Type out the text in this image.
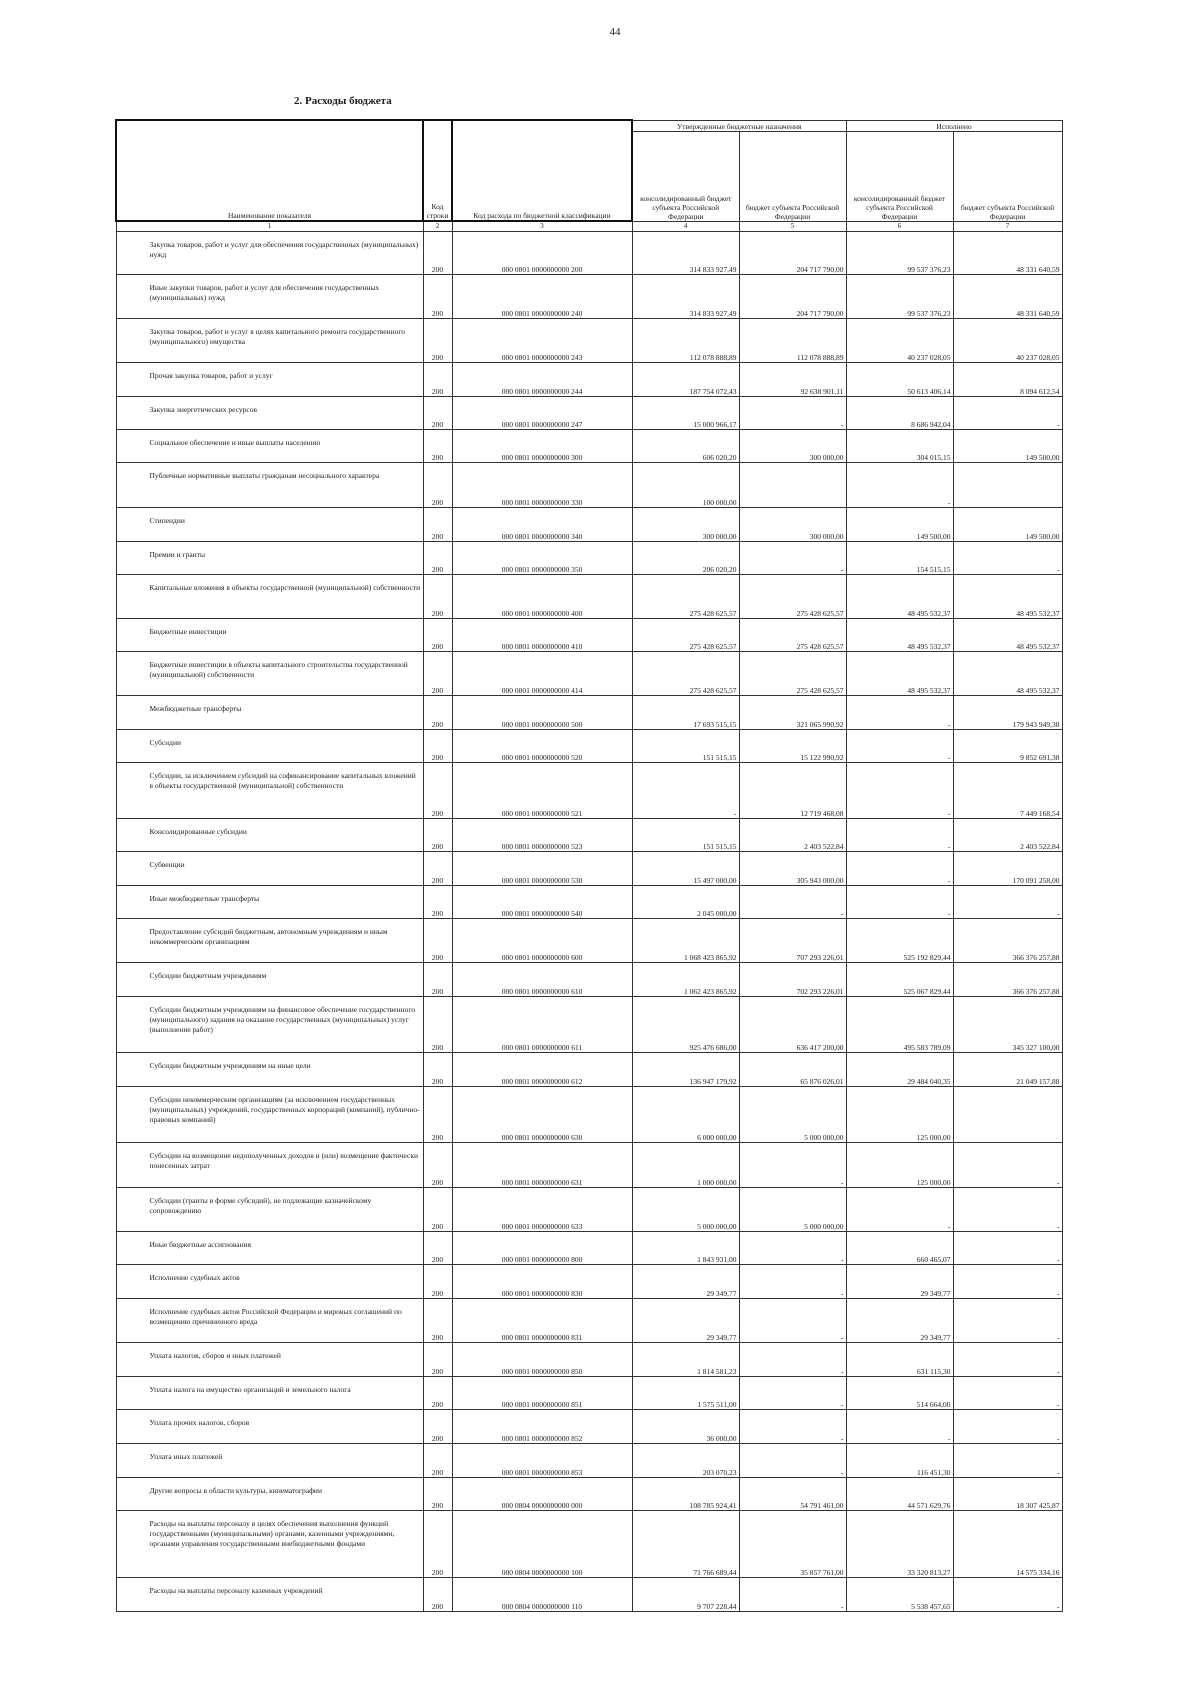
44
2. Расходы бюджета
Наименование показателя	Код строки	Код расхода по бюджетной классификации	Утвержденные бюджетные назначения		Исполнено	
			консолидированный бюджет субъекта Российской Федерации	бюджет субъекта Российской Федерации	консолидированный бюджет субъекта Российской Федерации	бюджет субъекта Российской Федерации
1	2	3	4	5	6	7

Закупка товаров, работ и услуг для обеспечения государственных (муниципальных) нужд	200	000 0801 0000000000 200	314 833 927,49	204 717 790,00	99 537 376,23	48 331 640,59

Иные закупки товаров, работ и услуг для обеспечения государственных (муниципальных) нужд	200	000 0801 0000000000 240	314 833 927,49	204 717 790,00	99 537 376,23	48 331 640,59

Закупка товаров, работ и услуг в целях капитального ремонта государственного (муниципального) имущества	200	000 0801 0000000000 243	112 078 888,89	112 078 888,89	40 237 028,05	40 237 028,05

Прочая закупка товаров, работ и услуг	200	000 0801 0000000000 244	187 754 072,43	92 638 901,11	50 613 406,14	8 094 612,54

Закупка энергетических ресурсов	200	000 0801 0000000000 247	15 000 966,17	-	8 686 942,04	-

Социальное обеспечение и иные выплаты населению	200	000 0801 0000000000 300	606 020,20	300 000,00	304 015,15	149 500,00

Публичные нормативные выплаты гражданам несоциального характера	200	000 0801 0000000000 330	100 000,00		-	

Стипендии	200	000 0801 0000000000 340	300 000,00	300 000,00	149 500,00	149 500,00

Премии и гранты	200	000 0801 0000000000 350	206 020,20	-	154 515,15	-

Капитальные вложения в объекты государственной (муниципальной) собственности	200	000 0801 0000000000 400	275 428 625,57	275 428 625,57	48 495 532,37	48 495 532,37

Бюджетные инвестиции	200	000 0801 0000000000 410	275 428 625,57	275 428 625,57	48 495 532,37	48 495 532,37

Бюджетные инвестиции в объекты капитального строительства государственной (муниципальной) собственности	200	000 0801 0000000000 414	275 428 625,57	275 428 625,57	48 495 532,37	48 495 532,37

Межбюджетные трансферты	200	000 0801 0000000000 500	17 693 515,15	321 065 990,92	-	179 943 949,38

Субсидии	200	000 0801 0000000000 520	151 515,15	15 122 990,92	-	9 852 691,38

Субсидии, за исключением субсидий на софинансирование капитальных вложений в объекты государственной (муниципальной) собственности	200	000 0801 0000000000 521	-	12 719 468,08	-	7 449 168,54

Консолидированные субсидии	200	000 0801 0000000000 523	151 515,15	2 403 522,84	-	2 403 522,84

Субвенции	200	000 0801 0000000000 530	15 497 000,00	305 943 000,00	-	170 091 258,00

Иные межбюджетные трансферты	200	000 0801 0000000000 540	2 045 000,00	-	-	-

Предоставление субсидий бюджетным, автономным учреждениям и иным некоммерческим организациям	200	000 0801 0000000000 600	1 068 423 865,92	707 293 226,01	525 192 829,44	366 376 257,88

Субсидии бюджетным учреждениям	200	000 0801 0000000000 610	1 062 423 865,92	702 293 226,01	525 067 829,44	366 376 257,88

Субсидии бюджетным учреждениям на финансовое обеспечение государственного (муниципального) задания на оказание государственных (муниципальных) услуг (выполнение работ)	200	000 0801 0000000000 611	925 476 686,00	636 417 200,00	495 583 789,09	345 327 100,00

Субсидии бюджетным учреждениям на иные цели	200	000 0801 0000000000 612	136 947 179,92	65 876 026,01	29 484 040,35	21 049 157,88

Субсидии некоммерческим организациям (за исключением государственных (муниципальных) учреждений, государственных корпораций (компаний), публично-правовых компаний)	200	000 0801 0000000000 630	6 000 000,00	5 000 000,00	125 000,00	

Субсидии на возмещение недополученных доходов и (или) возмещение фактически понесенных затрат	200	000 0801 0000000000 631	1 000 000,00	-	125 000,00	-

Субсидии (гранты в форме субсидий), не подлежащие казначейскому сопровождению	200	000 0801 0000000000 633	5 000 000,00	5 000 000,00	-	-

Иные бюджетные ассигнования	200	000 0801 0000000000 800	1 843 931,00	-	660 465,07	-

Исполнение судебных актов	200	000 0801 0000000000 830	29 349,77	-	29 349,77	-

Исполнение судебных актов Российской Федерации и мировых соглашений по возмещению причиненного вреда	200	000 0801 0000000000 831	29 349,77	-	29 349,77	-

Уплата налогов, сборов и иных платежей	200	000 0801 0000000000 850	1 814 581,23	-	631 115,30	-

Уплата налога на имущество организаций и земельного налога	200	000 0801 0000000000 851	1 575 511,00	-	514 664,00	-

Уплата прочих налогов, сборов	200	000 0801 0000000000 852	36 000,00	-	-	-

Уплата иных платежей	200	000 0801 0000000000 853	203 070,23	-	116 451,30	-

Другие вопросы в области культуры, кинематографии	200	000 0804 0000000000 000	108 785 924,41	54 791 461,00	44 571 629,76	18 307 425,87

Расходы на выплаты персоналу в целях обеспечения выполнения функций государственными (муниципальными) органами, казенными учреждениями, органами управления государственными внебюджетными фондами	200	000 0804 0000000000 100	71 766 689,44	35 857 761,00	33 320 813,27	14 575 334,16

Расходы на выплаты персоналу казенных учреждений	200	000 0804 0000000000 110	9 707 228,44	-	5 538 457,65	-
